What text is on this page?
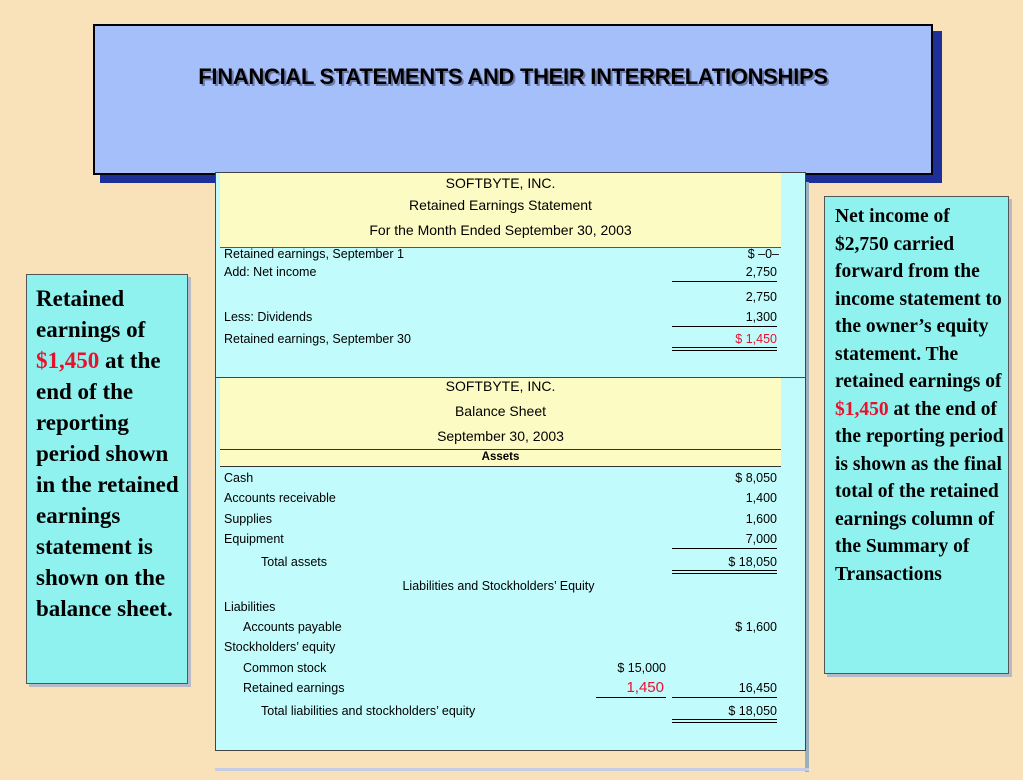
FINANCIAL STATEMENTS AND THEIR INTERRELATIONSHIPS
SOFTBYTE, INC.
Retained Earnings Statement
For the Month Ended September 30, 2003
Retained earnings, September 1	$ –0–
Add: Net income	2,750
2,750
Less: Dividends	1,300
Retained earnings, September 30	$ 1,450
SOFTBYTE, INC.
Balance Sheet
September 30, 2003
Assets
Cash	$ 8,050
Accounts receivable	1,400
Supplies	1,600
Equipment	7,000
Total assets	$ 18,050
Liabilities and Stockholders’ Equity
Liabilities
Accounts payable	$ 1,600
Stockholders’ equity
Common stock	$ 15,000
Retained earnings	1,450	16,450
Total liabilities and stockholders’ equity	$ 18,050
Retained earnings of $1,450 at the end of the reporting period shown in the retained earnings statement is shown on the balance sheet.
Net income of $2,750 carried forward from the income statement to the owner’s equity statement. The retained earnings of $1,450 at the end of the reporting period is shown as the final total of the retained earnings column of the Summary of Transactions
